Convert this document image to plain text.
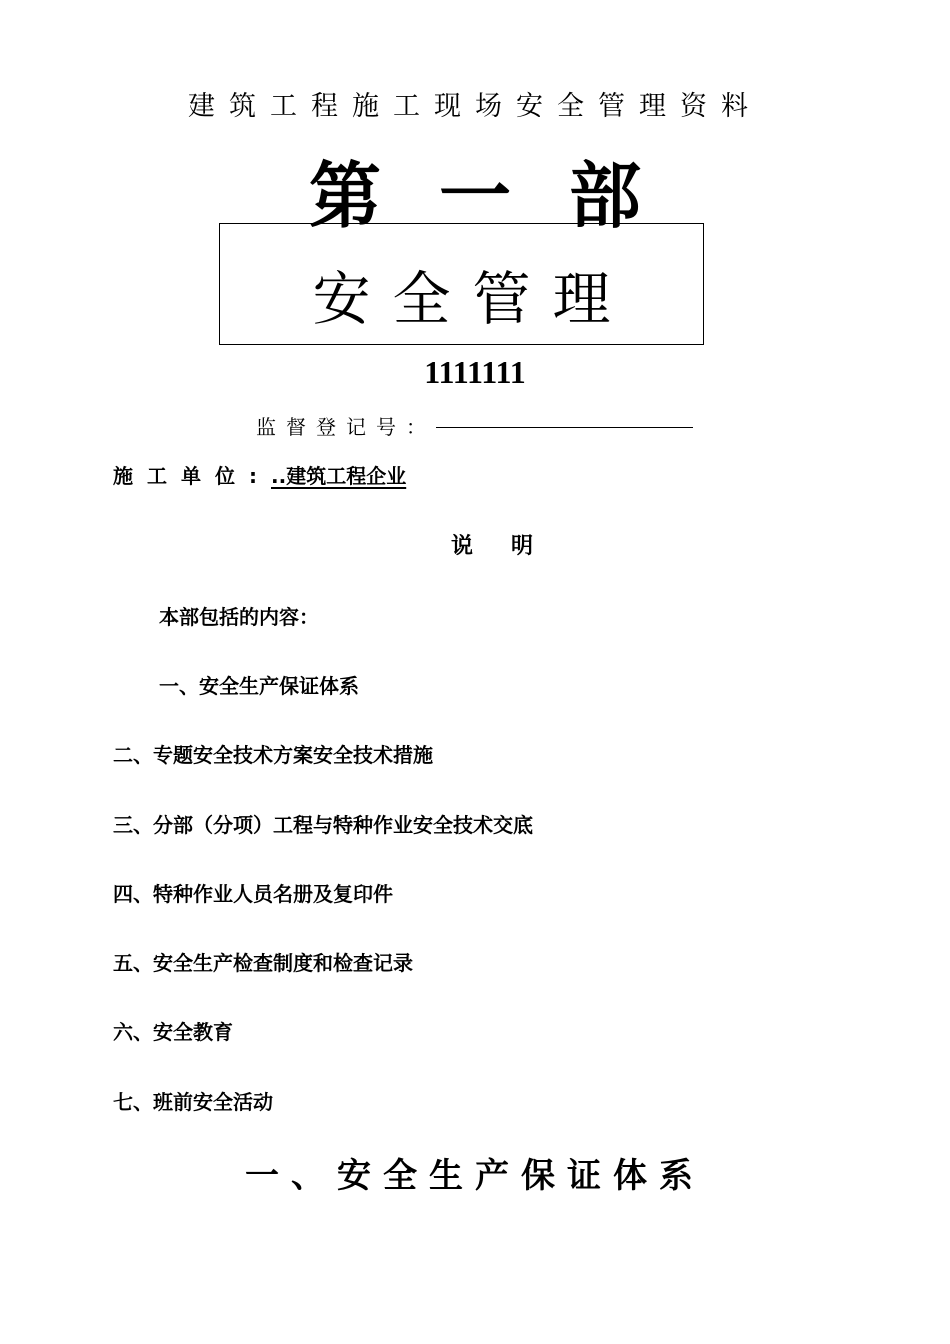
建筑工程施工现场安全管理资料
第一部
安全管理
1111111
监督登记号：
施工单位:..建筑工程企业
说明
本部包括的内容：
一、安全生产保证体系
二、专题安全技术方案安全技术措施
三、分部（分项）工程与特种作业安全技术交底
四、特种作业人员名册及复印件
五、安全生产检查制度和检查记录
六、安全教育
七、班前安全活动
一、安全生产保证体系
